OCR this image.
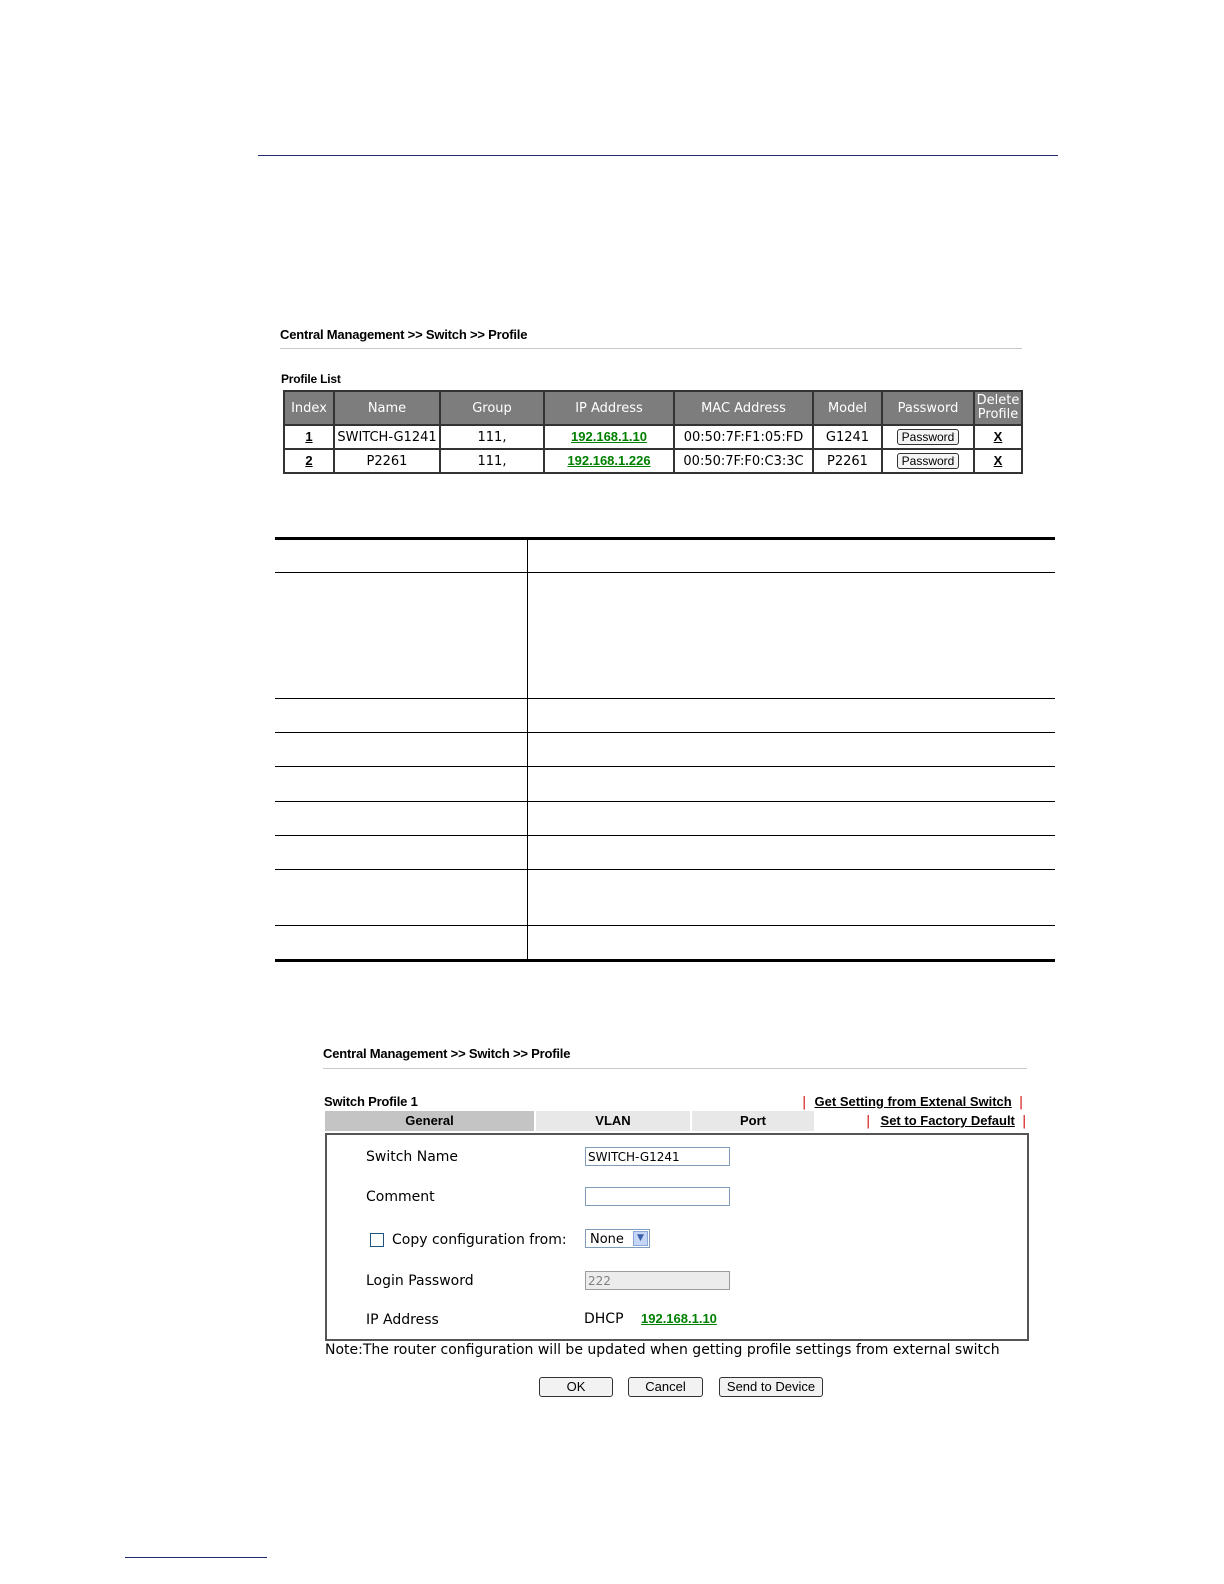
Central Management >> Switch >> Profile
Profile List
Index	Name	Group	IP Address	MAC Address	Model	Password	Delete
Profile
1	SWITCH-G1241	111,	192.168.1.10	00:50:7F:F1:05:FD	G1241	Password	X
2	P2261	111,	192.168.1.226	00:50:7F:F0:C3:3C	P2261	Password	X
Central Management >> Switch >> Profile
Switch Profile 1	| Get Setting from Extenal Switch |
General	VLAN	Port	| Set to Factory Default |
Switch Name	SWITCH-G1241
Comment
Copy configuration from:	None	▼
Login Password	222
IP Address	DHCP 192.168.1.10
Note:The router configuration will be updated when getting profile settings from external switch
OK	Cancel	Send to Device
